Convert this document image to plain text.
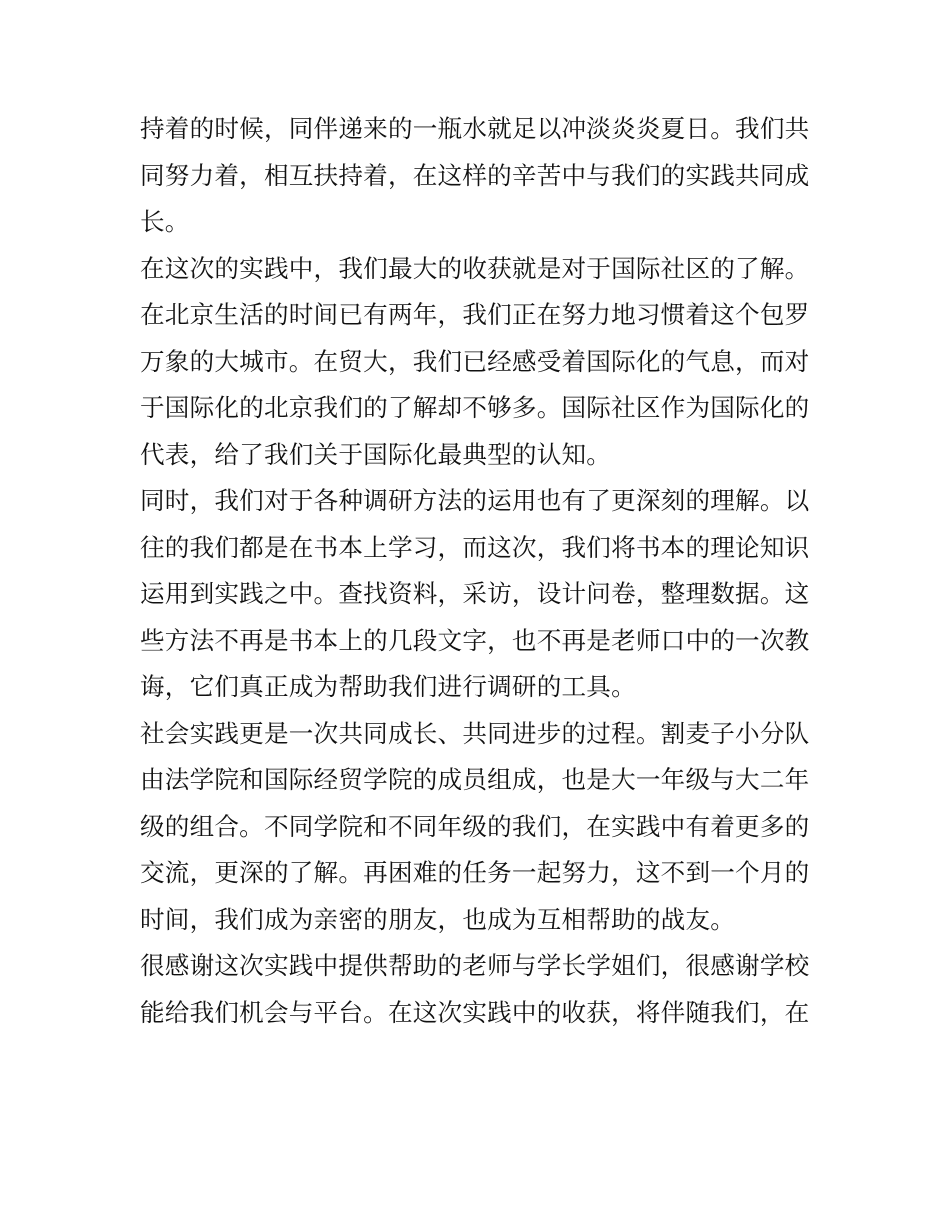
持着的时候，同伴递来的一瓶水就足以冲淡炎炎夏日。我们共
同努力着，相互扶持着，在这样的辛苦中与我们的实践共同成
长。
在这次的实践中，我们最大的收获就是对于国际社区的了解。
在北京生活的时间已有两年，我们正在努力地习惯着这个包罗
万象的大城市。在贸大，我们已经感受着国际化的气息，而对
于国际化的北京我们的了解却不够多。国际社区作为国际化的
代表，给了我们关于国际化最典型的认知。
同时，我们对于各种调研方法的运用也有了更深刻的理解。以
往的我们都是在书本上学习，而这次，我们将书本的理论知识
运用到实践之中。查找资料，采访，设计问卷，整理数据。这
些方法不再是书本上的几段文字，也不再是老师口中的一次教
诲，它们真正成为帮助我们进行调研的工具。
社会实践更是一次共同成长、共同进步的过程。割麦子小分队
由法学院和国际经贸学院的成员组成，也是大一年级与大二年
级的组合。不同学院和不同年级的我们，在实践中有着更多的
交流，更深的了解。再困难的任务一起努力，这不到一个月的
时间，我们成为亲密的朋友，也成为互相帮助的战友。
很感谢这次实践中提供帮助的老师与学长学姐们，很感谢学校
能给我们机会与平台。在这次实践中的收获，将伴随我们，在
